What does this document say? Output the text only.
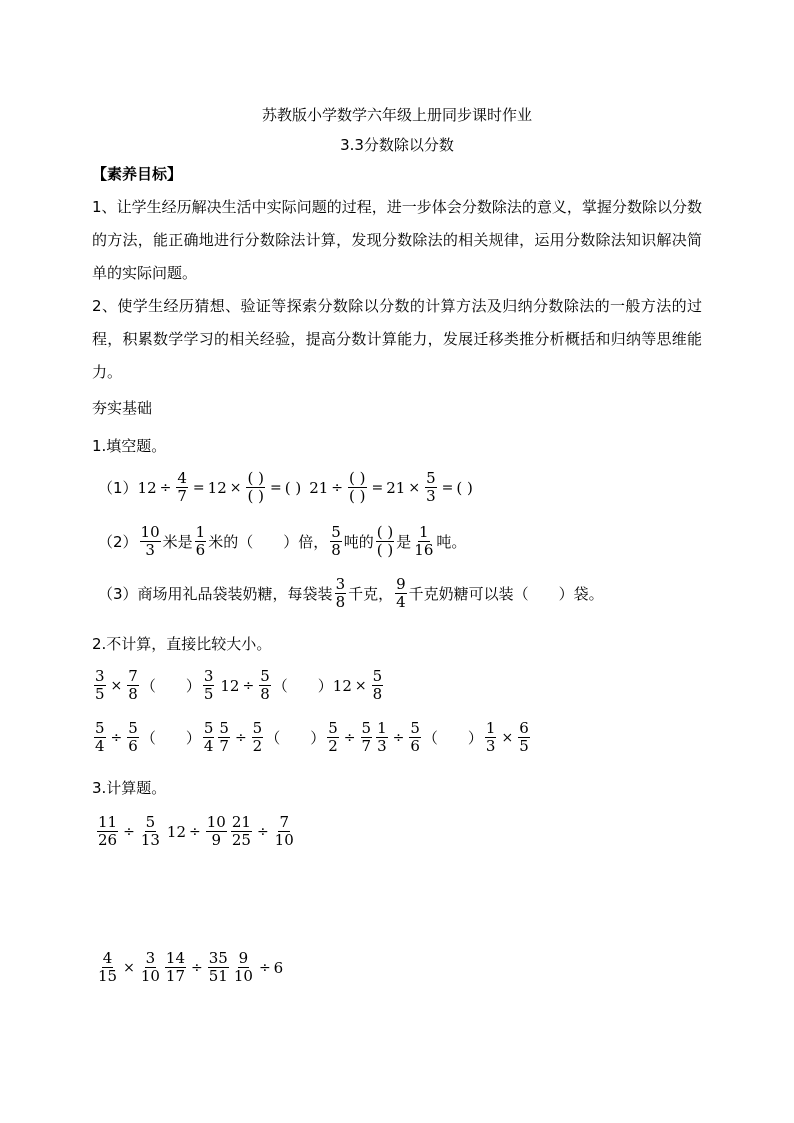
苏教版小学数学六年级上册同步课时作业
3.3分数除以分数
【素养目标】
1、让学生经历解决生活中实际问题的过程，进一步体会分数除法的意义，掌握分数除以分数的方法，能正确地进行分数除法计算，发现分数除法的相关规律，运用分数除法知识解决简单的实际问题。
2、使学生经历猜想、验证等探索分数除以分数的计算方法及归纳分数除法的一般方法的过程，积累数学学习的相关经验，提高分数计算能力，发展迁移类推分析概括和归纳等思维能力。
夯实基础
1.填空题。
（1） $12 \div \frac{4}{7} = 12 \times \frac{( )}{( )}$ = ( ) $21 \div \frac{( )}{( )} = 21 \times \frac{5}{3}$ = ( )
$(2) \frac{10}{3}$ 米是 $\frac{1}{6}$ 米的（　　）倍， $\frac{5}{8}$ 吨的 $\frac{( )}{( )}$ 是 $\frac{1}{16}$ 吨。
（3） 商场用礼品袋装奶糖，每袋装 $\frac{3}{8}$ 千克， $\frac{9}{4}$ 千克奶糖可以装（　　）袋。
2.不计算，直接比较大小。
$\frac{3}{5} \times \frac{7}{8}$ （　　） $\frac{3}{5} 12 \div \frac{5}{8}$ （　　） $12 \times \frac{5}{8}$
$\frac{5}{4} \div \frac{5}{6}$ （　　） $\frac{5}{4} \frac{5}{7} \div \frac{5}{2}$ （　　） $\frac{5}{2} \div \frac{5}{7} \frac{1}{3} \div \frac{5}{6}$ （　　） $\frac{1}{3} \times \frac{6}{5}$
3.计算题。
$\frac{11}{26} \div \frac{5}{13} 12 \div \frac{10}{9} \frac{21}{25} \div \frac{7}{10}$
$\frac{4}{15} \times \frac{3}{10} \frac{14}{17} \div \frac{35}{51} \frac{9}{10} \div 6$
